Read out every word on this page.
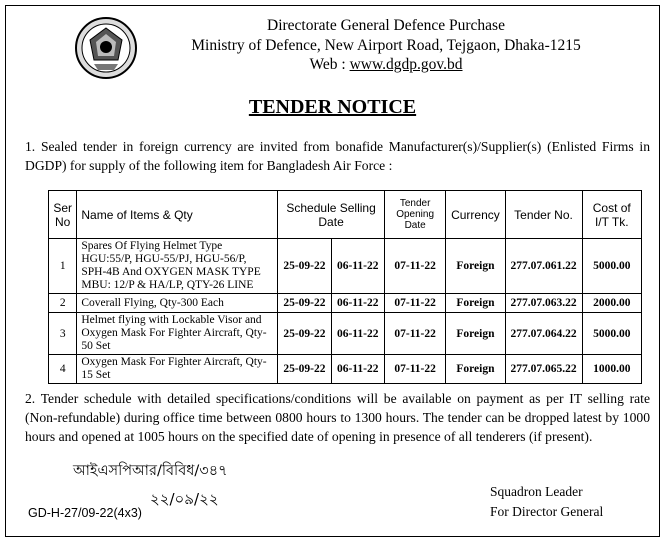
Directorate General Defence Purchase
Ministry of Defence, New Airport Road, Tejgaon, Dhaka-1215
Web : www.dgdp.gov.bd
TENDER NOTICE
1. Sealed tender in foreign currency are invited from bonafide Manufacturer(s)/Supplier(s) (Enlisted Firms in DGDP) for supply of the following item for Bangladesh Air Force :
Ser No	Name of Items & Qty	Schedule Selling Date		Tender Opening Date	Currency	Tender No.	Cost of I/T Tk.
1	Spares Of Flying Helmet Type HGU:55/P, HGU-55/PJ, HGU-56/P, SPH-4B And OXYGEN MASK TYPE MBU: 12/P & HA/LP, QTY-26 LINE	25-09-22	06-11-22	07-11-22	Foreign	277.07.061.22	5000.00
2	Coverall Flying, Qty-300 Each	25-09-22	06-11-22	07-11-22	Foreign	277.07.063.22	2000.00
3	Helmet flying with Lockable Visor and Oxygen Mask For Fighter Aircraft, Qty-50 Set	25-09-22	06-11-22	07-11-22	Foreign	277.07.064.22	5000.00
4	Oxygen Mask For Fighter Aircraft, Qty-15 Set	25-09-22	06-11-22	07-11-22	Foreign	277.07.065.22	1000.00
2. Tender schedule with detailed specifications/conditions will be available on payment as per IT selling rate (Non-refundable) during office time between 0800 hours to 1300 hours. The tender can be dropped latest by 1000 hours and opened at 1005 hours on the specified date of opening in presence of all tenderers (if present).
আইএসপিআর/বিবিধ/৩৪৭
২২/০৯/২২
GD-H-27/09-22(4x3)
Squadron Leader
For Director General
